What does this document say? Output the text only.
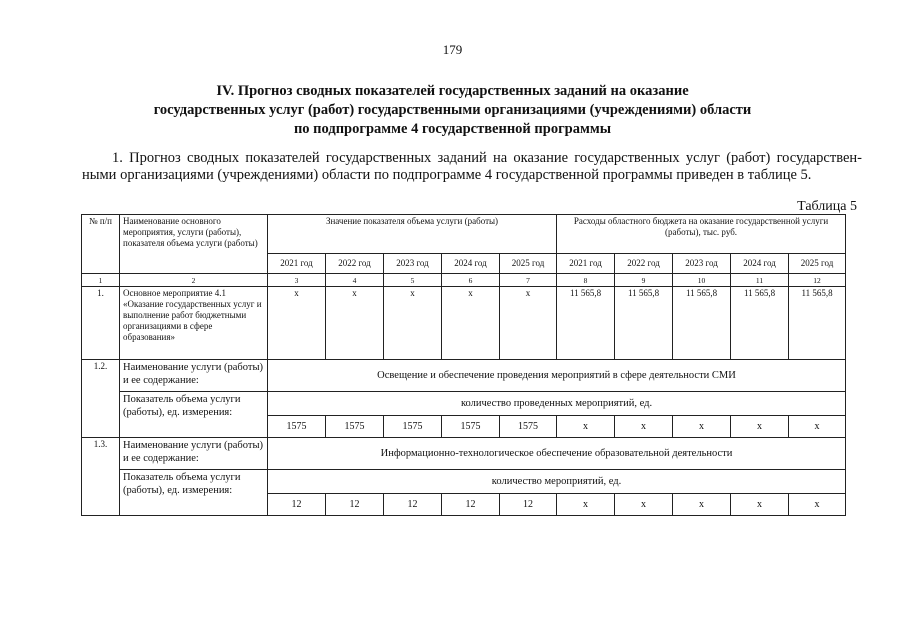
179
IV. Прогноз сводных показателей государственных заданий на оказание
государственных услуг (работ) государственными организациями (учреждениями) области
по подпрограмме 4 государственной программы
1. Прогноз сводных показателей государственных заданий на оказание государственных услуг (работ) государствен- ными организациями (учреждениями) области по подпрограмме 4 государственной программы приведен в таблице 5.
Таблица 5
№ п/п	Наименование основного мероприятия, услуги (работы), показателя объема услуги (работы)	Значение показателя объема услуги (работы)					Расходы областного бюджета на оказание государственной услуги (работы), тыс. руб.				
		2021 год	2022 год	2023 год	2024 год	2025 год	2021 год	2022 год	2023 год	2024 год	2025 год
1	2	3	4	5	6	7	8	9	10	11	12
1.	Основное мероприятие 4.1 «Оказание государственных услуг и выполнение работ бюджетными организациями в сфере образования»	х	х	х	х	х	11 565,8	11 565,8	11 565,8	11 565,8	11 565,8
1.2.	Наименование услуги (работы) и ее содержание:	Освещение и обеспечение проведения мероприятий в сфере деятельности СМИ									
	Показатель объема услуги (работы), ед. измерения:	количество проведенных мероприятий, ед.									
		1575	1575	1575	1575	1575	х	х	х	х	х
1.3.	Наименование услуги (работы) и ее содержание:	Информационно-технологическое обеспечение образовательной деятельности									
	Показатель объема услуги (работы), ед. измерения:	количество мероприятий, ед.									
		12	12	12	12	12	х	х	х	х	х
